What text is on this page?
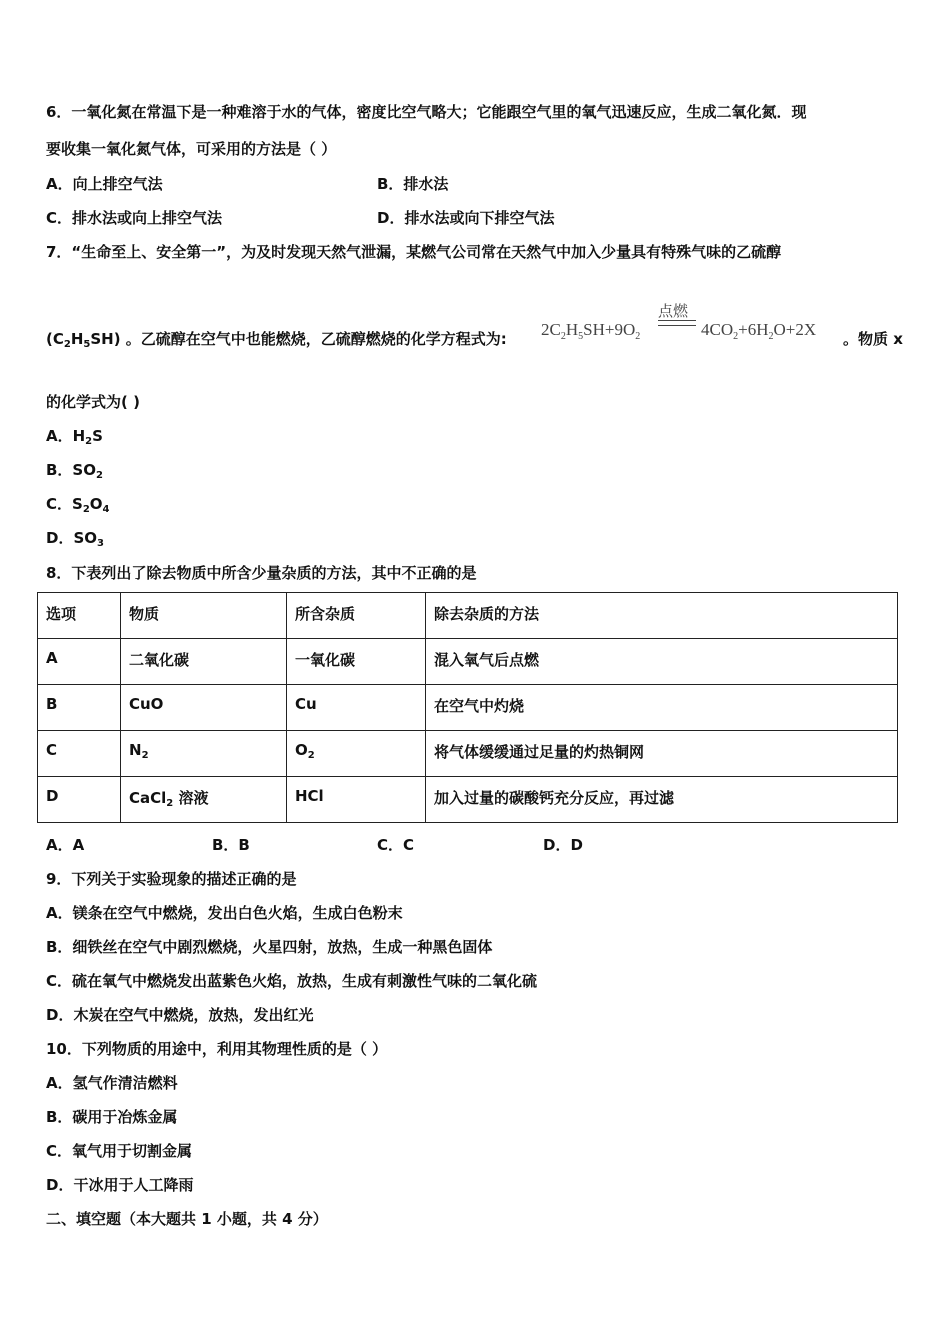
6．一氧化氮在常温下是一种难溶于水的气体，密度比空气略大；它能跟空气里的氧气迅速反应，生成二氧化氮．现
要收集一氧化氮气体，可采用的方法是（ ）
A．向上排空气法	B．排水法
C．排水法或向上排空气法	D．排水法或向下排空气法
7．“生命至上、安全第一”，为及时发现天然气泄漏，某燃气公司常在天然气中加入少量具有特殊气味的乙硫醇
$(C_2H_5SH)$ 。乙硫醇在空气中也能燃烧，乙硫醇燃烧的化学方程式为:
点燃
$2C_2H_5SH+9O_2$	$4CO_2+6H_2O+2X$ 。物质 x
的化学式为( )
A．$H_2S$
B．$SO_2$
C．$S_2O_4$
D．$SO_3$
8．下表列出了除去物质中所含少量杂质的方法，其中不正确的是
选项	物质	所含杂质	除去杂质的方法
A	二氧化碳	一氧化碳	混入氧气后点燃
B	CuO	Cu	在空气中灼烧
C	$N_2$	$O_2$	将气体缓缓通过足量的灼热铜网
D	CaCl$_2$ 溶液	HCl	加入过量的碳酸钙充分反应，再过滤
A．A	B．B	C．C	D．D
9．下列关于实验现象的描述正确的是
A．镁条在空气中燃烧，发出白色火焰，生成白色粉末
B．细铁丝在空气中剧烈燃烧，火星四射，放热，生成一种黑色固体
C．硫在氧气中燃烧发出蓝紫色火焰，放热，生成有刺激性气味的二氧化硫
D．木炭在空气中燃烧，放热，发出红光
10．下列物质的用途中，利用其物理性质的是（ ）
A．氢气作清洁燃料
B．碳用于冶炼金属
C．氧气用于切割金属
D．干冰用于人工降雨
二、填空题（本大题共 1 小题，共 4 分）
